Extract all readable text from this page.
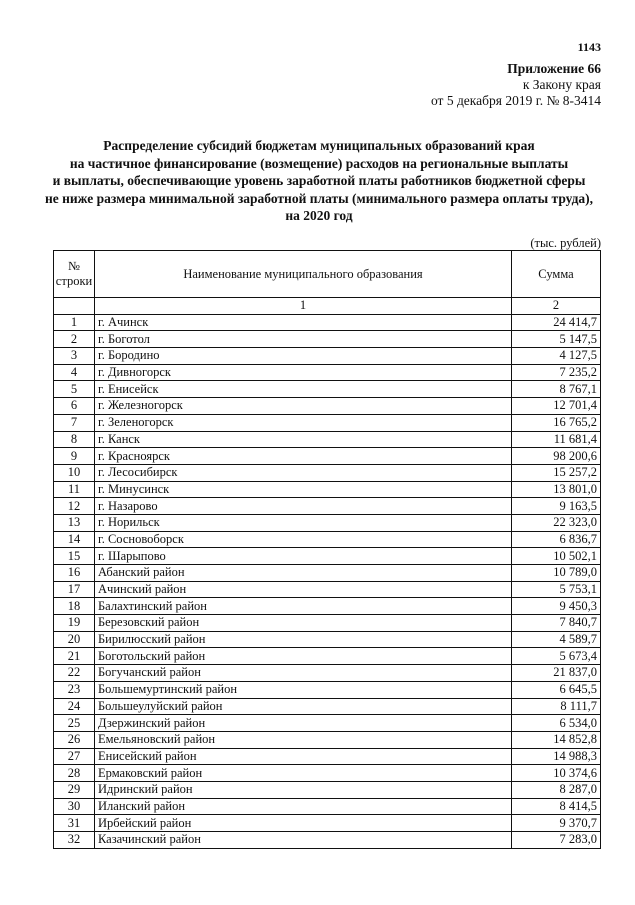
1143
Приложение 66
к Закону края
от 5 декабря 2019 г. № 8-3414
Распределение субсидий бюджетам муниципальных образований края
на частичное финансирование (возмещение) расходов на региональные выплаты
и выплаты, обеспечивающие уровень заработной платы работников бюджетной сферы
не ниже размера минимальной заработной платы (минимального размера оплаты труда),
на 2020 год
(тыс. рублей)
№
строки	Наименование муниципального образования	Сумма
	1	2
1	г. Ачинск	24 414,7
2	г. Боготол	5 147,5
3	г. Бородино	4 127,5
4	г. Дивногорск	7 235,2
5	г. Енисейск	8 767,1
6	г. Железногорск	12 701,4
7	г. Зеленогорск	16 765,2
8	г. Канск	11 681,4
9	г. Красноярск	98 200,6
10	г. Лесосибирск	15 257,2
11	г. Минусинск	13 801,0
12	г. Назарово	9 163,5
13	г. Норильск	22 323,0
14	г. Сосновоборск	6 836,7
15	г. Шарыпово	10 502,1
16	Абанский район	10 789,0
17	Ачинский район	5 753,1
18	Балахтинский район	9 450,3
19	Березовский район	7 840,7
20	Бирилюсский район	4 589,7
21	Боготольский район	5 673,4
22	Богучанский район	21 837,0
23	Большемуртинский район	6 645,5
24	Большеулуйский район	8 111,7
25	Дзержинский район	6 534,0
26	Емельяновский район	14 852,8
27	Енисейский район	14 988,3
28	Ермаковский район	10 374,6
29	Идринский район	8 287,0
30	Иланский район	8 414,5
31	Ирбейский район	9 370,7
32	Казачинский район	7 283,0
